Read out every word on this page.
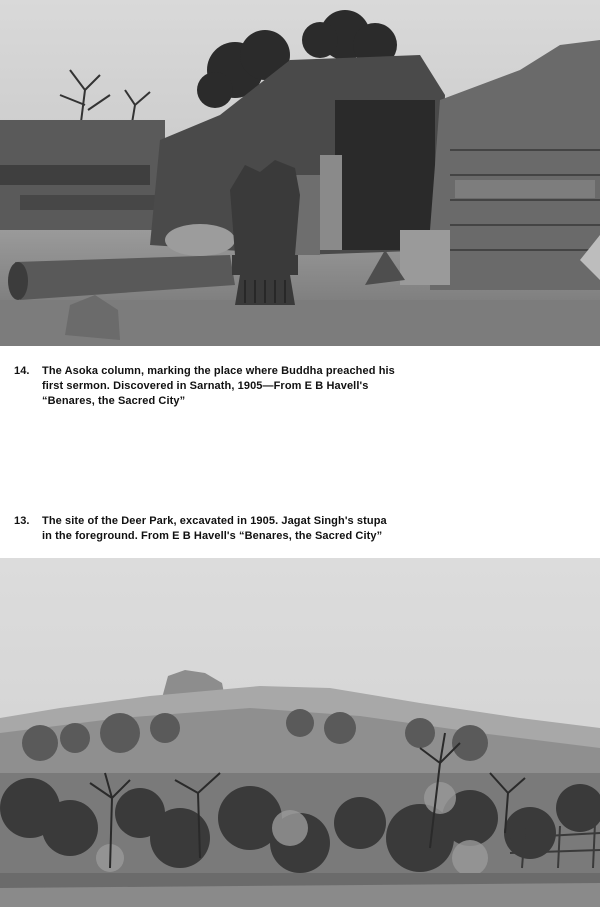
14. The Asoka column, marking the place where Buddha preached his
first sermon. Discovered in Sarnath, 1905—From E B Havell's
“Benares, the Sacred City”
13. The site of the Deer Park, excavated in 1905. Jagat Singh's stupa
in the foreground. From E B Havell's “Benares, the Sacred City”
